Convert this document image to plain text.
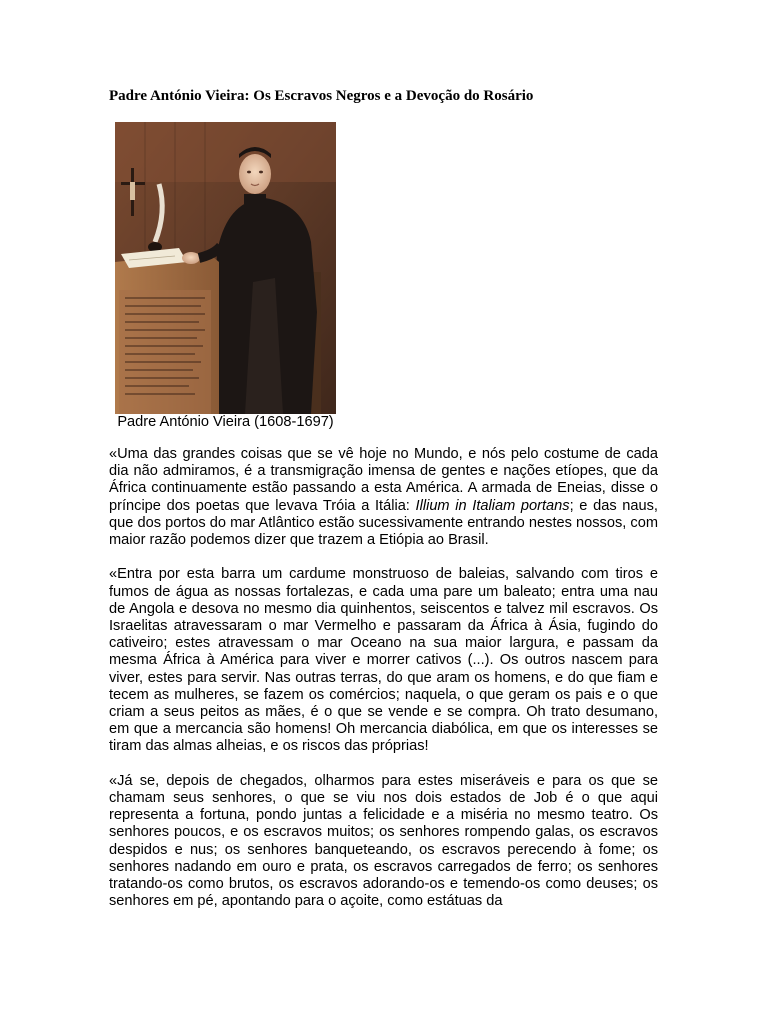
Padre António Vieira: Os Escravos Negros e a Devoção do Rosário
Padre António Vieira (1608-1697)

«Uma das grandes coisas que se vê hoje no Mundo, e nós pelo costume de cada dia não admiramos, é a transmigração imensa de gentes e nações etíopes, que da África continuamente estão passando a esta América. A armada de Eneias, disse o príncipe dos poetas que levava Tróia a Itália: Illium in Italiam portans; e das naus, que dos portos do mar Atlântico estão sucessivamente entrando nestes nossos, com maior razão podemos dizer que trazem a Etiópia ao Brasil.

«Entra por esta barra um cardume monstruoso de baleias, salvando com tiros e fumos de água as nossas fortalezas, e cada uma pare um baleato; entra uma nau de Angola e desova no mesmo dia quinhentos, seiscentos e talvez mil escravos. Os Israelitas atravessaram o mar Vermelho e passaram da África à Ásia, fugindo do cativeiro; estes atravessam o mar Oceano na sua maior largura, e passam da mesma África à América para viver e morrer cativos (...). Os outros nascem para viver, estes para servir. Nas outras terras, do que aram os homens, e do que fiam e tecem as mulheres, se fazem os comércios; naquela, o que geram os pais e o que criam a seus peitos as mães, é o que se vende e se compra. Oh trato desumano, em que a mercancia são homens! Oh mercancia diabólica, em que os interesses se tiram das almas alheias, e os riscos das próprias!

«Já se, depois de chegados, olharmos para estes miseráveis e para os que se chamam seus senhores, o que se viu nos dois estados de Job é o que aqui representa a fortuna, pondo juntas a felicidade e a miséria no mesmo teatro. Os senhores poucos, e os escravos muitos; os senhores rompendo galas, os escravos despidos e nus; os senhores banqueteando, os escravos perecendo à fome; os senhores nadando em ouro e prata, os escravos carregados de ferro; os senhores tratando-os como brutos, os escravos adorando-os e temendo-os como deuses; os senhores em pé, apontando para o açoite, como estátuas da
